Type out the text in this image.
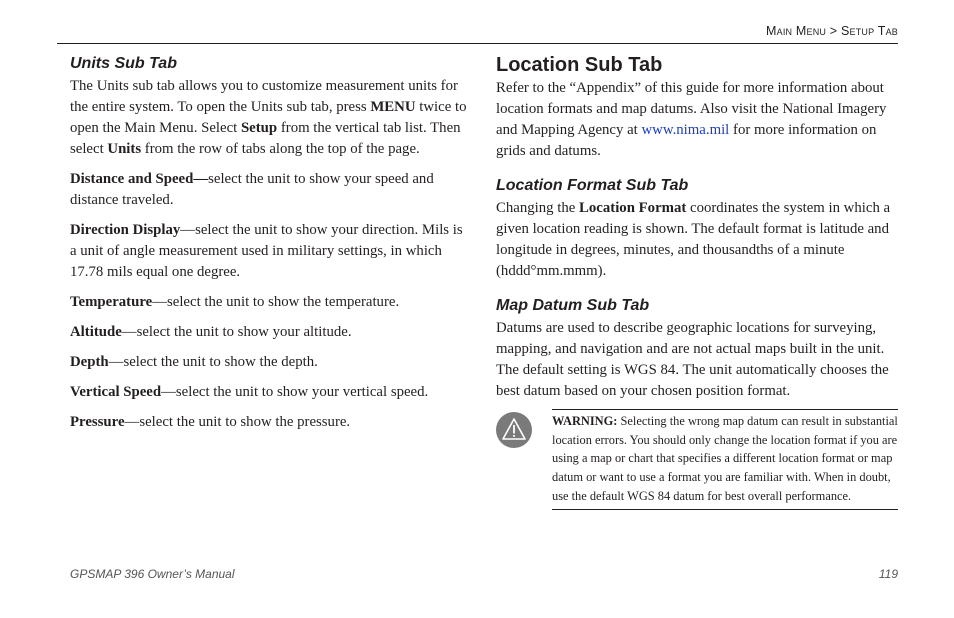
Main Menu > Setup Tab
Units Sub Tab

The Units sub tab allows you to customize measurement units for the entire system. To open the Units sub tab, press MENU twice to open the Main Menu. Select Setup from the vertical tab list. Then select Units from the row of tabs along the top of the page.

Distance and Speed—select the unit to show your speed and distance traveled.

Direction Display—select the unit to show your direction. Mils is a unit of angle measurement used in military settings, in which 17.78 mils equal one degree.

Temperature—select the unit to show the temperature.

Altitude—select the unit to show your altitude.

Depth—select the unit to show the depth.

Vertical Speed—select the unit to show your vertical speed.

Pressure—select the unit to show the pressure.

Location Sub Tab

Refer to the “Appendix” of this guide for more information about location formats and map datums. Also visit the National Imagery and Mapping Agency at www.nima.mil for more information on grids and datums.

Location Format Sub Tab

Changing the Location Format coordinates the system in which a given location reading is shown. The default format is latitude and longitude in degrees, minutes, and thousandths of a minute (hddd°mm.mmm).

Map Datum Sub Tab

Datums are used to describe geographic locations for surveying, mapping, and navigation and are not actual maps built in the unit. The default setting is WGS 84. The unit automatically chooses the best datum based on your chosen position format.

WARNING: Selecting the wrong map datum can result in substantial location errors. You should only change the location format if you are using a map or chart that specifies a different location format or map datum or want to use a format you are familiar with. When in doubt, use the default WGS 84 datum for best overall performance.

GPSMAP 396 Owner’s Manual	119
